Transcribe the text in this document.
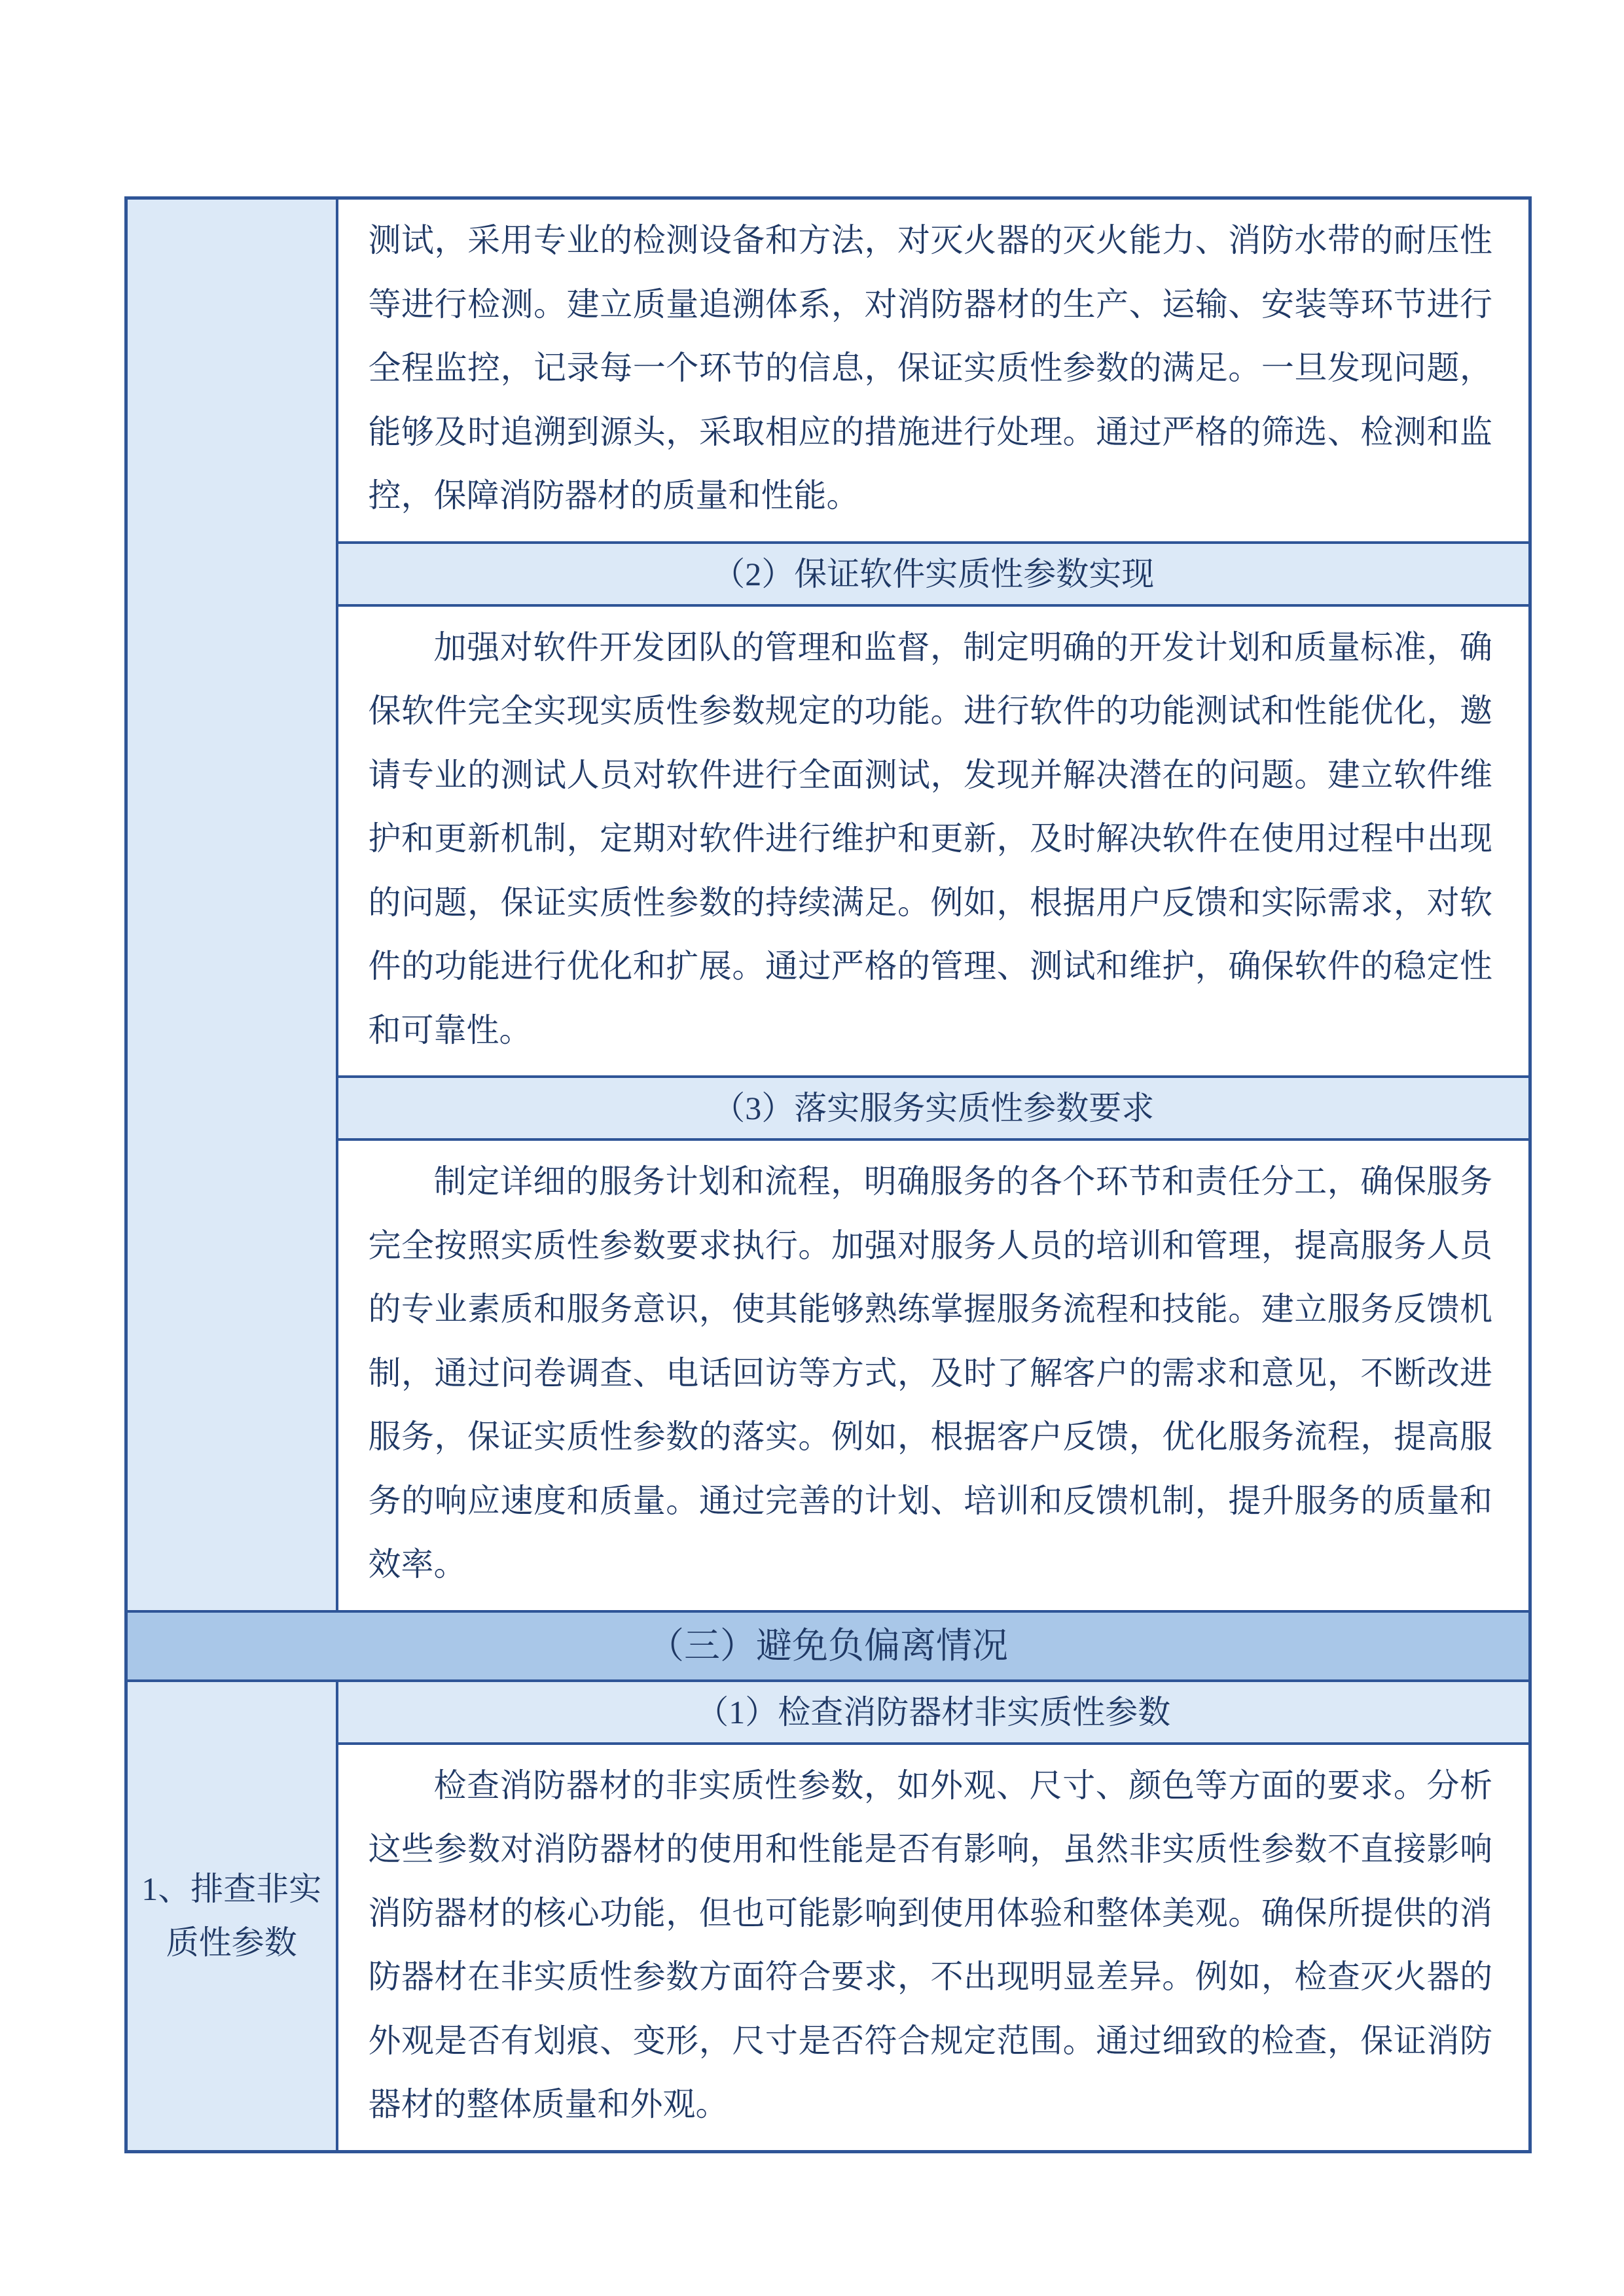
	测试，采用专业的检测设备和方法，对灭火器的灭火能力、消防水带的耐压性等进行检测。建立质量追溯体系，对消防器材的生产、运输、安装等环节进行全程监控，记录每一个环节的信息，保证实质性参数的满足。一旦发现问题，能够及时追溯到源头，采取相应的措施进行处理。通过严格的筛选、检测和监控，保障消防器材的质量和性能。

	（2）保证软件实质性参数实现

	加强对软件开发团队的管理和监督，制定明确的开发计划和质量标准，确保软件完全实现实质性参数规定的功能。进行软件的功能测试和性能优化，邀请专业的测试人员对软件进行全面测试，发现并解决潜在的问题。建立软件维护和更新机制，定期对软件进行维护和更新，及时解决软件在使用过程中出现的问题，保证实质性参数的持续满足。例如，根据用户反馈和实际需求，对软件的功能进行优化和扩展。通过严格的管理、测试和维护，确保软件的稳定性和可靠性。

	（3）落实服务实质性参数要求

	制定详细的服务计划和流程，明确服务的各个环节和责任分工，确保服务完全按照实质性参数要求执行。加强对服务人员的培训和管理，提高服务人员的专业素质和服务意识，使其能够熟练掌握服务流程和技能。建立服务反馈机制，通过问卷调查、电话回访等方式，及时了解客户的需求和意见，不断改进服务，保证实质性参数的落实。例如，根据客户反馈，优化服务流程，提高服务的响应速度和质量。通过完善的计划、培训和反馈机制，提升服务的质量和效率。

（三）避免负偏离情况	
1、排查非实质性参数	（1）检查消防器材非实质性参数

	检查消防器材的非实质性参数，如外观、尺寸、颜色等方面的要求。分析这些参数对消防器材的使用和性能是否有影响，虽然非实质性参数不直接影响消防器材的核心功能，但也可能影响到使用体验和整体美观。确保所提供的消防器材在非实质性参数方面符合要求，不出现明显差异。例如，检查灭火器的外观是否有划痕、变形，尺寸是否符合规定范围。通过细致的检查，保证消防器材的整体质量和外观。
